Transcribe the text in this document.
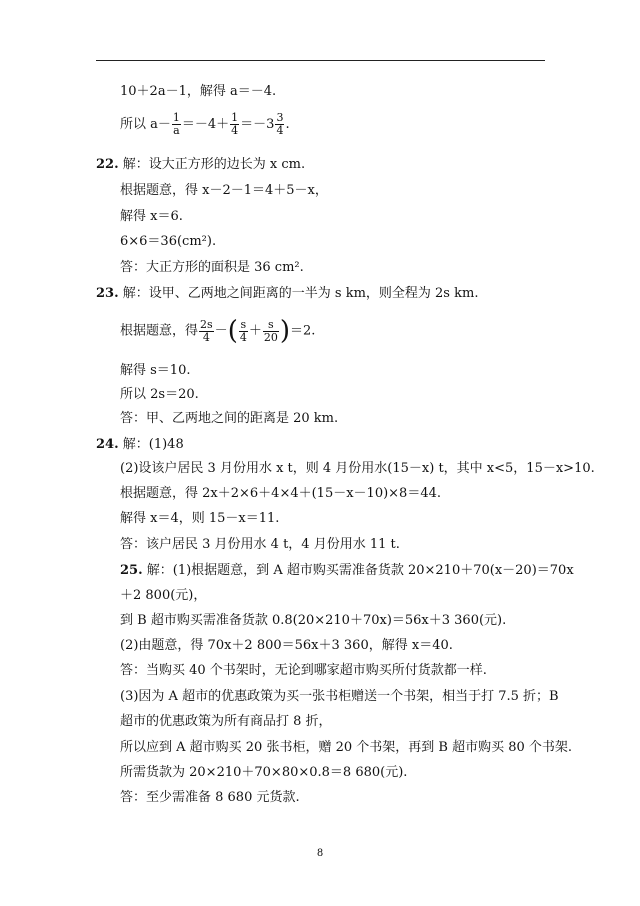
10＋2a－1，解得 a＝－4.
所以 $a- \frac{1}{a} =-4+ \frac{1}{4} =-3 \frac{3}{4}$ .
22. 解：设大正方形的边长为 x cm.
根据题意，得 x－2－1＝4＋5－x，
解得 x＝6.
6×6＝36(cm²).
答：大正方形的面积是 36 cm².
23. 解：设甲、乙两地之间距离的一半为 s km，则全程为 2s km.
根据题意，得 $\frac{2s}{4}$ －( $\frac{s}{4} + \frac{s}{20} )=2$.
解得 s＝10.
所以 2s＝20.
答：甲、乙两地之间的距离是 20 km.
24. 解：(1)48
(2)设该户居民 3 月份用水 x t，则 4 月份用水(15－x) t，其中 x<5，15－x>10.
根据题意，得 2x＋2×6＋4×4＋(15－x－10)×8＝44.
解得 x＝4，则 15－x＝11.
答：该户居民 3 月份用水 4 t，4 月份用水 11 t.
25. 解：(1)根据题意，到 A 超市购买需准备货款 20×210＋70(x－20)＝70x
＋2 800(元)，
到 B 超市购买需准备货款 0.8(20×210＋70x)＝56x＋3 360(元).
(2)由题意，得 70x＋2 800＝56x＋3 360，解得 x＝40.
答：当购买 40 个书架时，无论到哪家超市购买所付货款都一样.
(3)因为 A 超市的优惠政策为买一张书柜赠送一个书架，相当于打 7.5 折；B
超市的优惠政策为所有商品打 8 折，
所以应到 A 超市购买 20 张书柜，赠 20 个书架，再到 B 超市购买 80 个书架.
所需货款为 20×210＋70×80×0.8＝8 680(元).
答：至少需准备 8 680 元货款.
8
